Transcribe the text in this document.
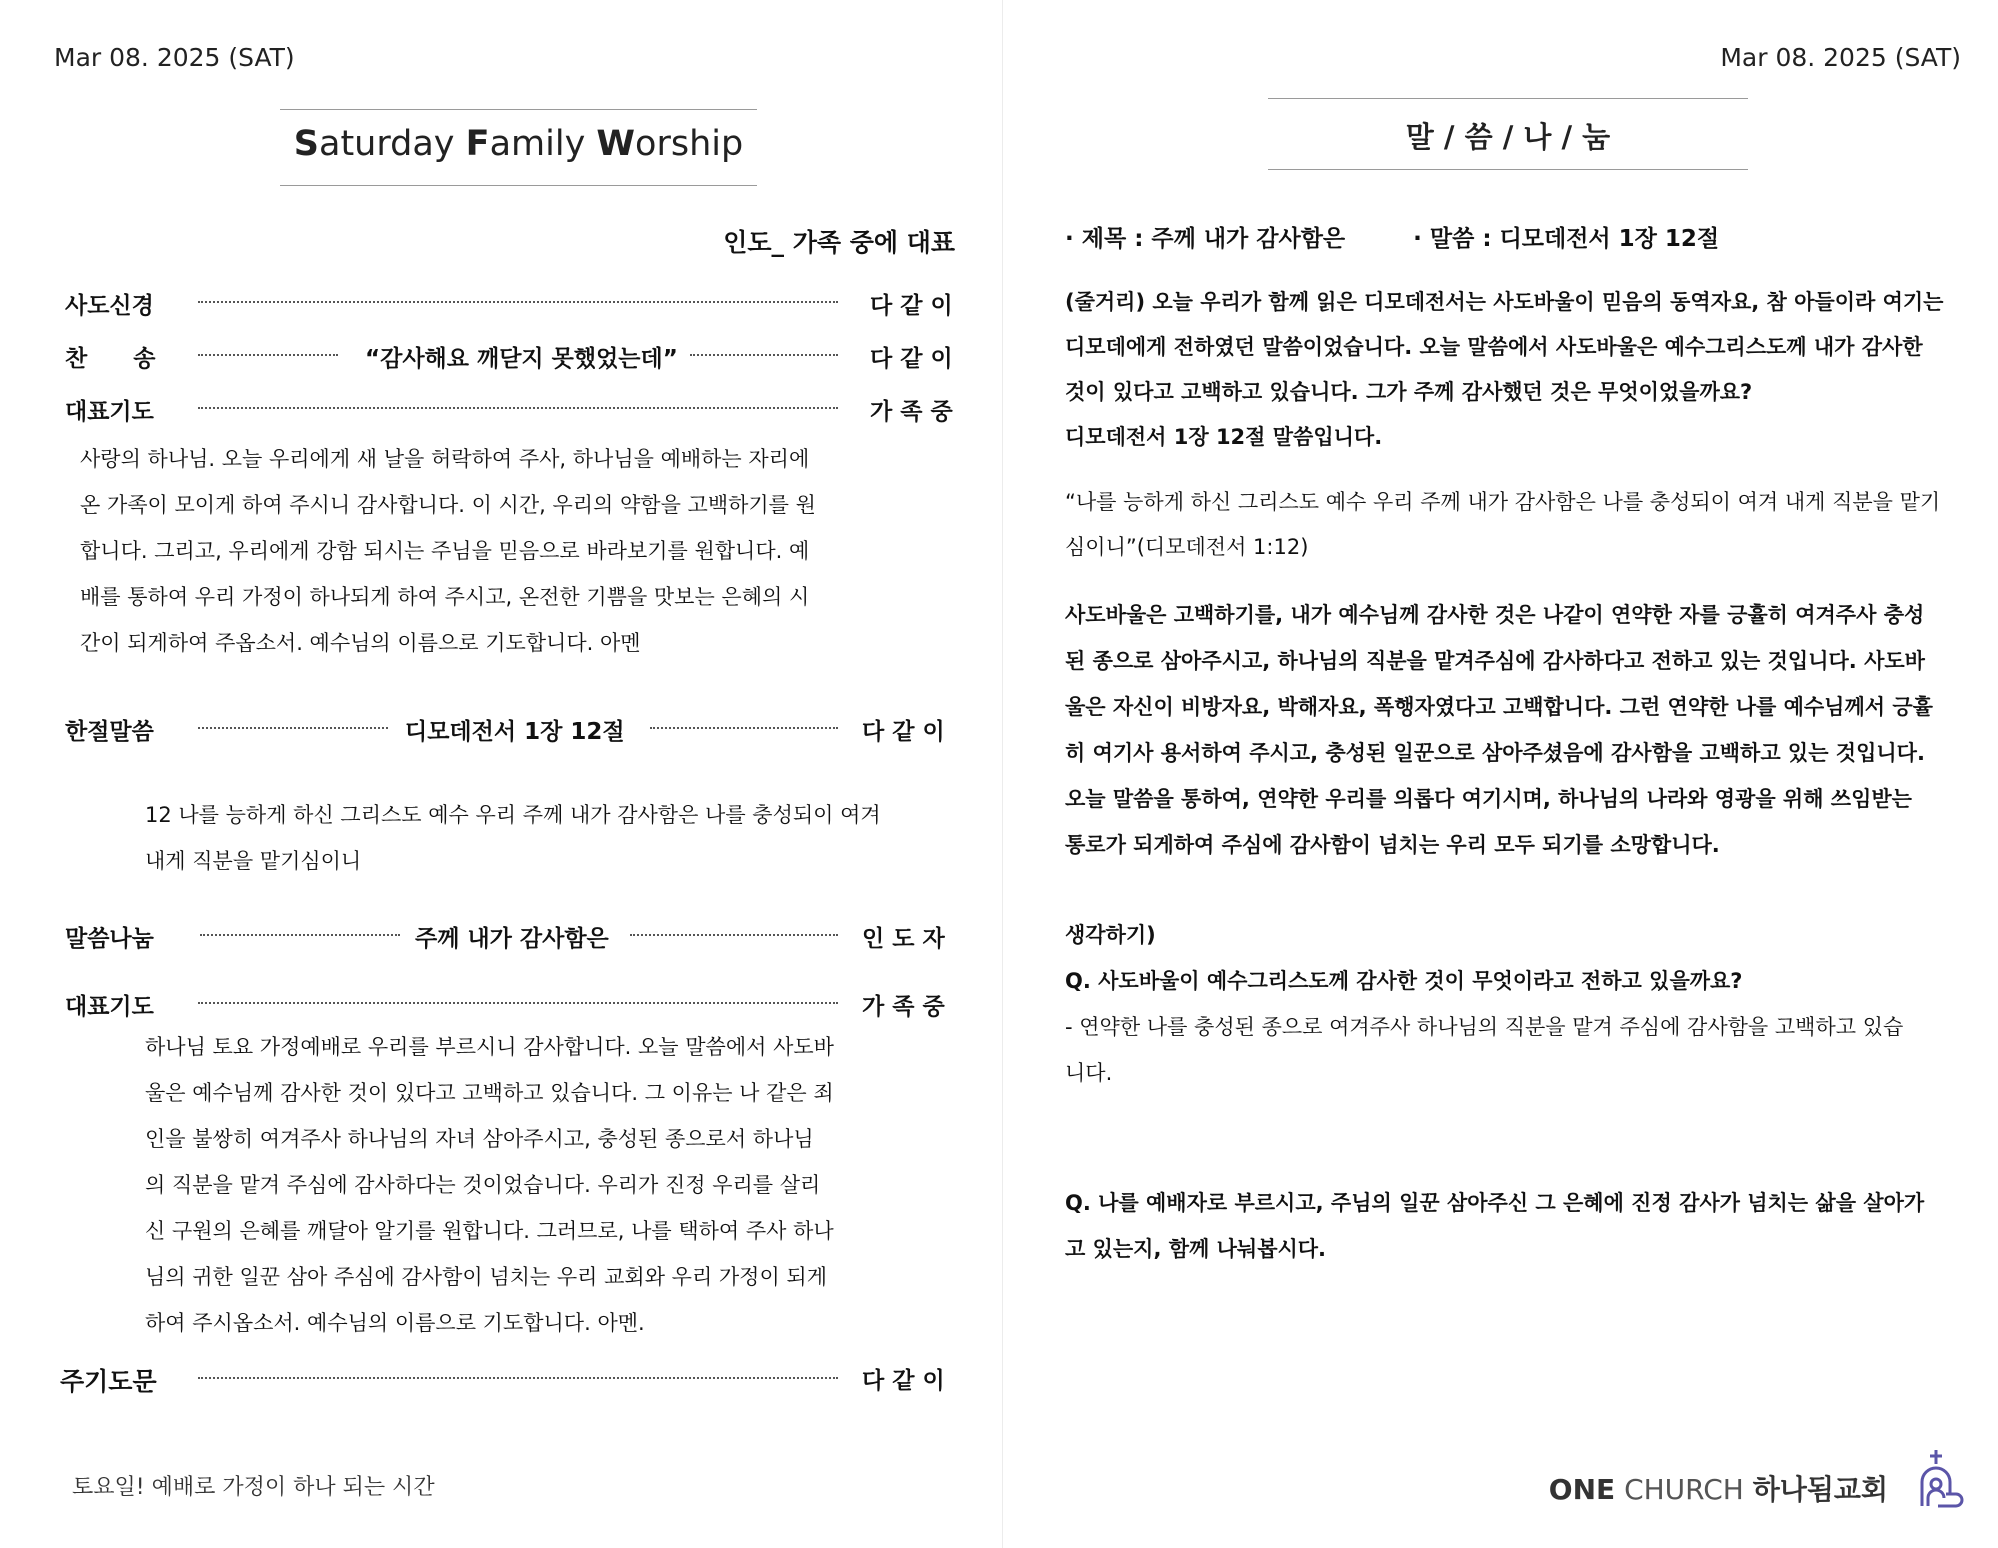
Mar 08. 2025 (SAT)
Saturday Family Worship
인도_ 가족 중에 대표
사도신경	다 같 이
찬　　송	“감사해요 깨닫지 못했었는데”	다 같 이
대표기도	가 족 중
사랑의 하나님. 오늘 우리에게 새 날을 허락하여 주사, 하나님을 예배하는 자리에
온 가족이 모이게 하여 주시니 감사합니다. 이 시간, 우리의 약함을 고백하기를 원
합니다. 그리고, 우리에게 강함 되시는 주님을 믿음으로 바라보기를 원합니다. 예
배를 통하여 우리 가정이 하나되게 하여 주시고, 온전한 기쁨을 맛보는 은혜의 시
간이 되게하여 주옵소서. 예수님의 이름으로 기도합니다. 아멘
한절말씀	디모데전서 1장 12절	다 같 이
12 나를 능하게 하신 그리스도 예수 우리 주께 내가 감사함은 나를 충성되이 여겨
내게 직분을 맡기심이니
말씀나눔	주께 내가 감사함은	인 도 자
대표기도	가 족 중
하나님 토요 가정예배로 우리를 부르시니 감사합니다. 오늘 말씀에서 사도바
울은 예수님께 감사한 것이 있다고 고백하고 있습니다. 그 이유는 나 같은 죄
인을 불쌍히 여겨주사 하나님의 자녀 삼아주시고, 충성된 종으로서 하나님
의 직분을 맡겨 주심에 감사하다는 것이었습니다. 우리가 진정 우리를 살리
신 구원의 은혜를 깨달아 알기를 원합니다. 그러므로, 나를 택하여 주사 하나
님의 귀한 일꾼 삼아 주심에 감사함이 넘치는 우리 교회와 우리 가정이 되게
하여 주시옵소서. 예수님의 이름으로 기도합니다. 아멘.
주기도문	다 같 이
토요일! 예배로 가정이 하나 되는 시간
Mar 08. 2025 (SAT)
말 / 씀 / 나 / 눔
· 제목 : 주께 내가 감사함은	· 말씀 : 디모데전서 1장 12절
(줄거리) 오늘 우리가 함께 읽은 디모데전서는 사도바울이 믿음의 동역자요, 참 아들이라 여기는
디모데에게 전하였던 말씀이었습니다. 오늘 말씀에서 사도바울은 예수그리스도께 내가 감사한
것이 있다고 고백하고 있습니다. 그가 주께 감사했던 것은 무엇이었을까요?
디모데전서 1장 12절 말씀입니다.
“나를 능하게 하신 그리스도 예수 우리 주께 내가 감사함은 나를 충성되이 여겨 내게 직분을 맡기
심이니”(디모데전서 1:12)
사도바울은 고백하기를, 내가 예수님께 감사한 것은 나같이 연약한 자를 긍휼히 여겨주사 충성
된 종으로 삼아주시고, 하나님의 직분을 맡겨주심에 감사하다고 전하고 있는 것입니다. 사도바
울은 자신이 비방자요, 박해자요, 폭행자였다고 고백합니다. 그런 연약한 나를 예수님께서 긍휼
히 여기사 용서하여 주시고, 충성된 일꾼으로 삼아주셨음에 감사함을 고백하고 있는 것입니다.
오늘 말씀을 통하여, 연약한 우리를 의롭다 여기시며, 하나님의 나라와 영광을 위해 쓰임받는
통로가 되게하여 주심에 감사함이 넘치는 우리 모두 되기를 소망합니다.
생각하기)
Q. 사도바울이 예수그리스도께 감사한 것이 무엇이라고 전하고 있을까요?
- 연약한 나를 충성된 종으로 여겨주사 하나님의 직분을 맡겨 주심에 감사함을 고백하고 있습
니다.
Q. 나를 예배자로 부르시고, 주님의 일꾼 삼아주신 그 은혜에 진정 감사가 넘치는 삶을 살아가
고 있는지, 함께 나눠봅시다.
ONE CHURCH 하나됨교회
